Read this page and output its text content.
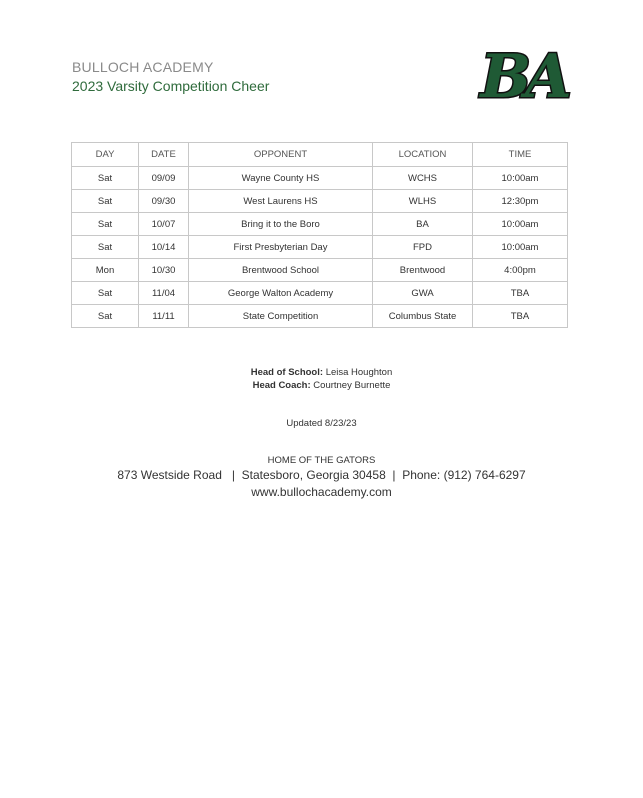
BULLOCH ACADEMY
2023 Varsity Competition Cheer	BA
DAY	DATE	OPPONENT	LOCATION	TIME
Sat	09/09	Wayne County HS	WCHS	10:00am
Sat	09/30	West Laurens HS	WLHS	12:30pm
Sat	10/07	Bring it to the Boro	BA	10:00am
Sat	10/14	First Presbyterian Day	FPD	10:00am
Mon	10/30	Brentwood School	Brentwood	4:00pm
Sat	11/04	George Walton Academy	GWA	TBA
Sat	11/11	State Competition	Columbus State	TBA
Head of School: Leisa Houghton
Head Coach: Courtney Burnette
Updated 8/23/23
HOME OF THE GATORS
873 Westside Road   |  Statesboro, Georgia 30458  |  Phone: (912) 764-6297
www.bullochacademy.com
